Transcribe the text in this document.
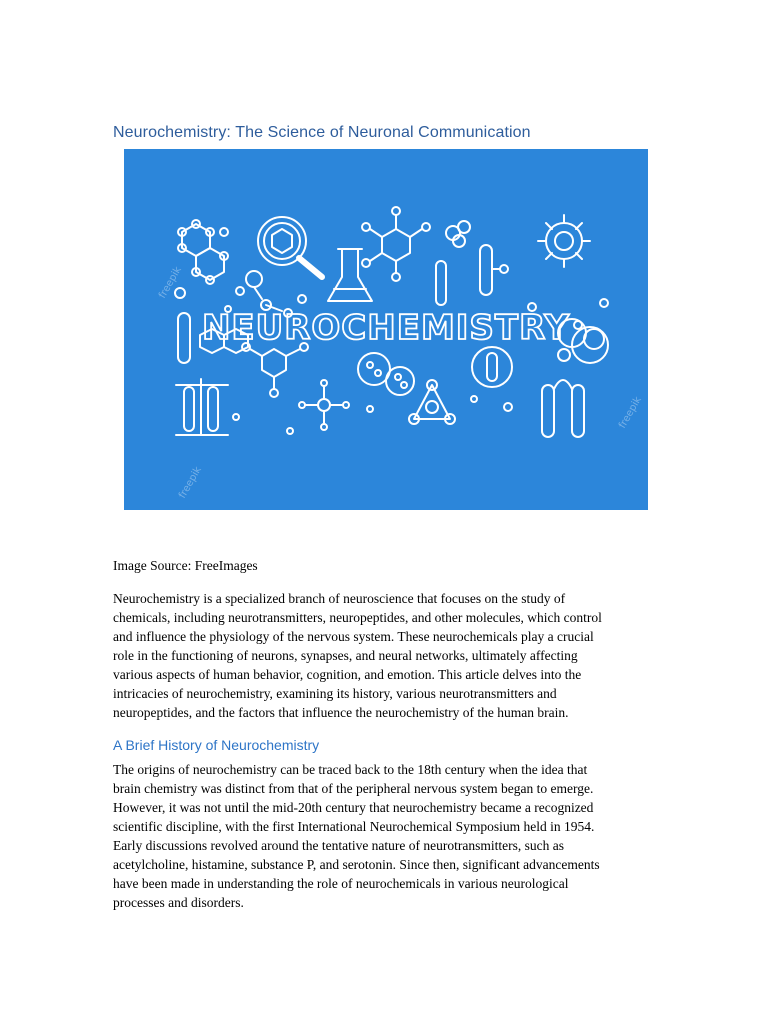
Neurochemistry: The Science of Neuronal Communication
NEUROCHEMISTRY
freepik
freepik
freepik

Image Source: FreeImages

Neurochemistry is a specialized branch of neuroscience that focuses on the study of
chemicals, including neurotransmitters, neuropeptides, and other molecules, which control
and influence the physiology of the nervous system. These neurochemicals play a crucial
role in the functioning of neurons, synapses, and neural networks, ultimately affecting
various aspects of human behavior, cognition, and emotion. This article delves into the
intricacies of neurochemistry, examining its history, various neurotransmitters and
neuropeptides, and the factors that influence the neurochemistry of the human brain.

A Brief History of Neurochemistry

The origins of neurochemistry can be traced back to the 18th century when the idea that
brain chemistry was distinct from that of the peripheral nervous system began to emerge.
However, it was not until the mid-20th century that neurochemistry became a recognized
scientific discipline, with the first International Neurochemical Symposium held in 1954.
Early discussions revolved around the tentative nature of neurotransmitters, such as
acetylcholine, histamine, substance P, and serotonin. Since then, significant advancements
have been made in understanding the role of neurochemicals in various neurological
processes and disorders.
